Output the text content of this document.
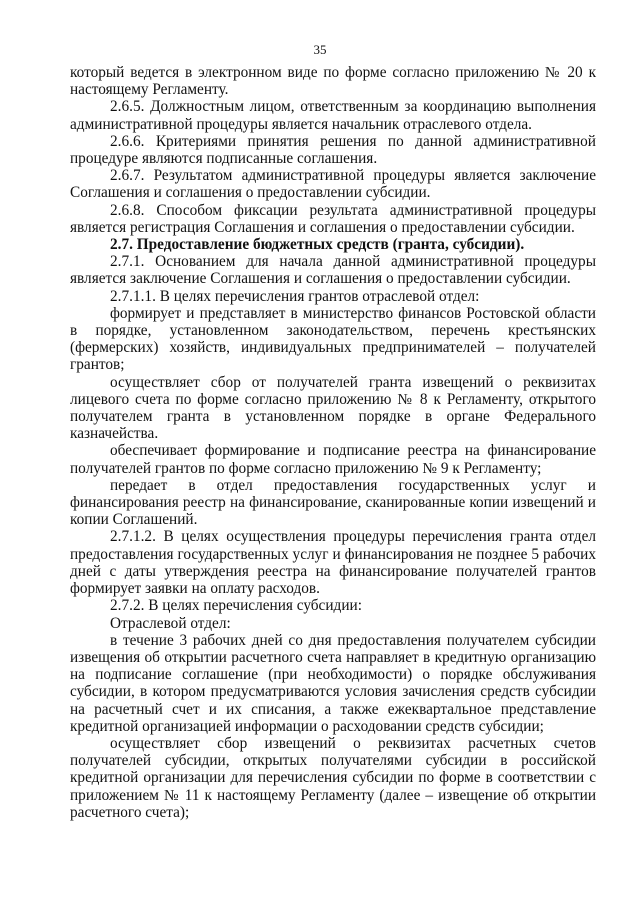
35

который ведется в электронном виде по форме согласно приложению № 20 к настоящему Регламенту.

2.6.5. Должностным лицом, ответственным за координацию выполнения административной процедуры является начальник отраслевого отдела.

2.6.6. Критериями принятия решения по данной административной процедуре являются подписанные соглашения.

2.6.7. Результатом административной процедуры является заключение Соглашения и соглашения о предоставлении субсидии.

2.6.8. Способом фиксации результата административной процедуры является регистрация Соглашения и соглашения о предоставлении субсидии.

2.7. Предоставление бюджетных средств (гранта, субсидии).

2.7.1. Основанием для начала данной административной процедуры является заключение Соглашения и соглашения о предоставлении субсидии.

2.7.1.1. В целях перечисления грантов отраслевой отдел:

формирует и представляет в министерство финансов Ростовской области в порядке, установленном законодательством, перечень крестьянских (фермерских) хозяйств, индивидуальных предпринимателей – получателей грантов;

осуществляет сбор от получателей гранта извещений о реквизитах лицевого счета по форме согласно приложению № 8 к Регламенту, открытого получателем гранта в установленном порядке в органе Федерального казначейства.

обеспечивает формирование и подписание реестра на финансирование получателей грантов по форме согласно приложению № 9 к Регламенту;

передает в отдел предоставления государственных услуг и финансирования реестр на финансирование, сканированные копии извещений и копии Соглашений.

2.7.1.2. В целях осуществления процедуры перечисления гранта отдел предоставления государственных услуг и финансирования не позднее 5 рабочих дней с даты утверждения реестра на финансирование получателей грантов формирует заявки на оплату расходов.

2.7.2. В целях перечисления субсидии:

Отраслевой отдел:

в течение 3 рабочих дней со дня предоставления получателем субсидии извещения об открытии расчетного счета направляет в кредитную организацию на подписание соглашение (при необходимости) о порядке обслуживания субсидии, в котором предусматриваются условия зачисления средств субсидии на расчетный счет и их списания, а также ежеквартальное представление кредитной организацией информации о расходовании средств субсидии;

осуществляет сбор извещений о реквизитах расчетных счетов получателей субсидии, открытых получателями субсидии в российской кредитной организации для перечисления субсидии по форме в соответствии с приложением № 11 к настоящему Регламенту (далее – извещение об открытии расчетного счета);
